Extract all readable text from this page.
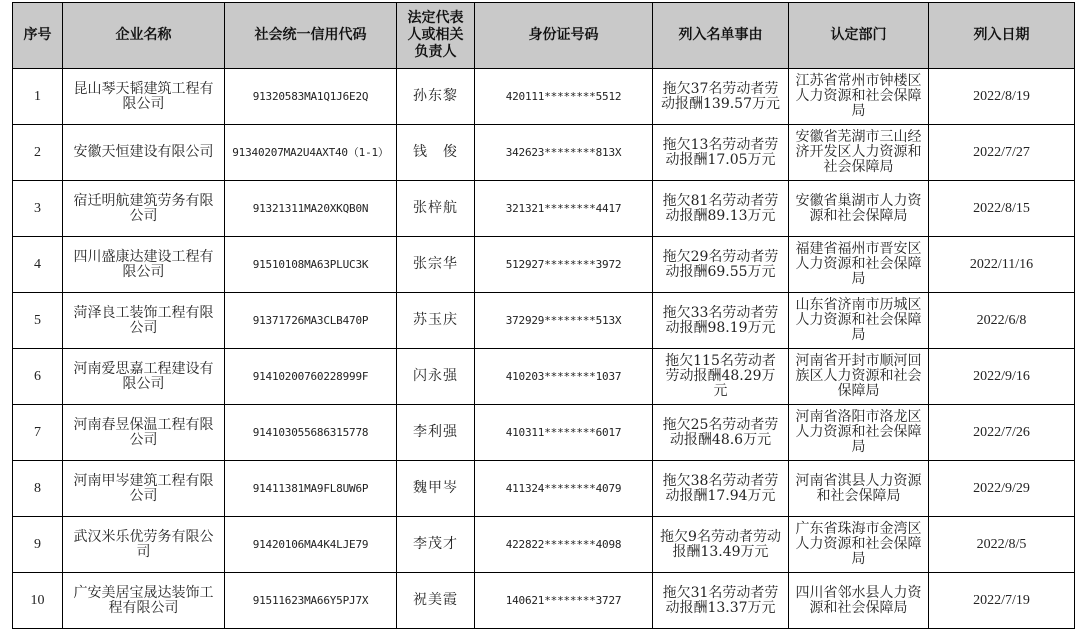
序号	企业名称	社会统一信用代码	法定代表人或相关负责人	身份证号码	列入名单事由	认定部门	列入日期
1	昆山琴天韬建筑工程有限公司	91320583MA1Q1J6E2Q	孙东黎	420111********5512	拖欠37名劳动者劳动报酬139.57万元	江苏省常州市钟楼区人力资源和社会保障局	2022/8/19
2	安徽天恒建设有限公司	91340207MA2U4AXT40（1-1）	钱　俊	342623********813X	拖欠13名劳动者劳动报酬17.05万元	安徽省芜湖市三山经济开发区人力资源和社会保障局	2022/7/27
3	宿迁明航建筑劳务有限公司	91321311MA20XKQB0N	张梓航	321321********4417	拖欠81名劳动者劳动报酬89.13万元	安徽省巢湖市人力资源和社会保障局	2022/8/15
4	四川盛康达建设工程有限公司	91510108MA63PLUC3K	张宗华	512927********3972	拖欠29名劳动者劳动报酬69.55万元	福建省福州市晋安区人力资源和社会保障局	2022/11/16
5	菏泽良工装饰工程有限公司	91371726MA3CLB470P	苏玉庆	372929********513X	拖欠33名劳动者劳动报酬98.19万元	山东省济南市历城区人力资源和社会保障局	2022/6/8
6	河南爱思嘉工程建设有限公司	914102007602289​99F	闪永强	410203********1037	拖欠115名劳动者劳动报酬48.29万元	河南省开封市顺河回族区人力资源和社会保障局	2022/9/16
7	河南春昱保温工程有限公司	914103055686315778	李利强	410311********6017	拖欠25名劳动者劳动报酬48.6万元	河南省洛阳市洛龙区人力资源和社会保障局	2022/7/26
8	河南甲岑建筑工程有限公司	91411381MA9FL8UW6P	魏甲岑	411324********4079	拖欠38名劳动者劳动报酬17.94万元	河南省淇县人力资源和社会保障局	2022/9/29
9	武汉米乐优劳务有限公司	91420106MA4K4LJE79	李茂才	422822********4098	拖欠9名劳动者劳动报酬13.49万元	广东省珠海市金湾区人力资源和社会保障局	2022/8/5
10	广安美居宝晟达装饰工程有限公司	91511623MA66Y5PJ7X	祝美霞	140621********3727	拖欠31名劳动者劳动报酬13.37万元	四川省邻水县人力资源和社会保障局	2022/7/19
